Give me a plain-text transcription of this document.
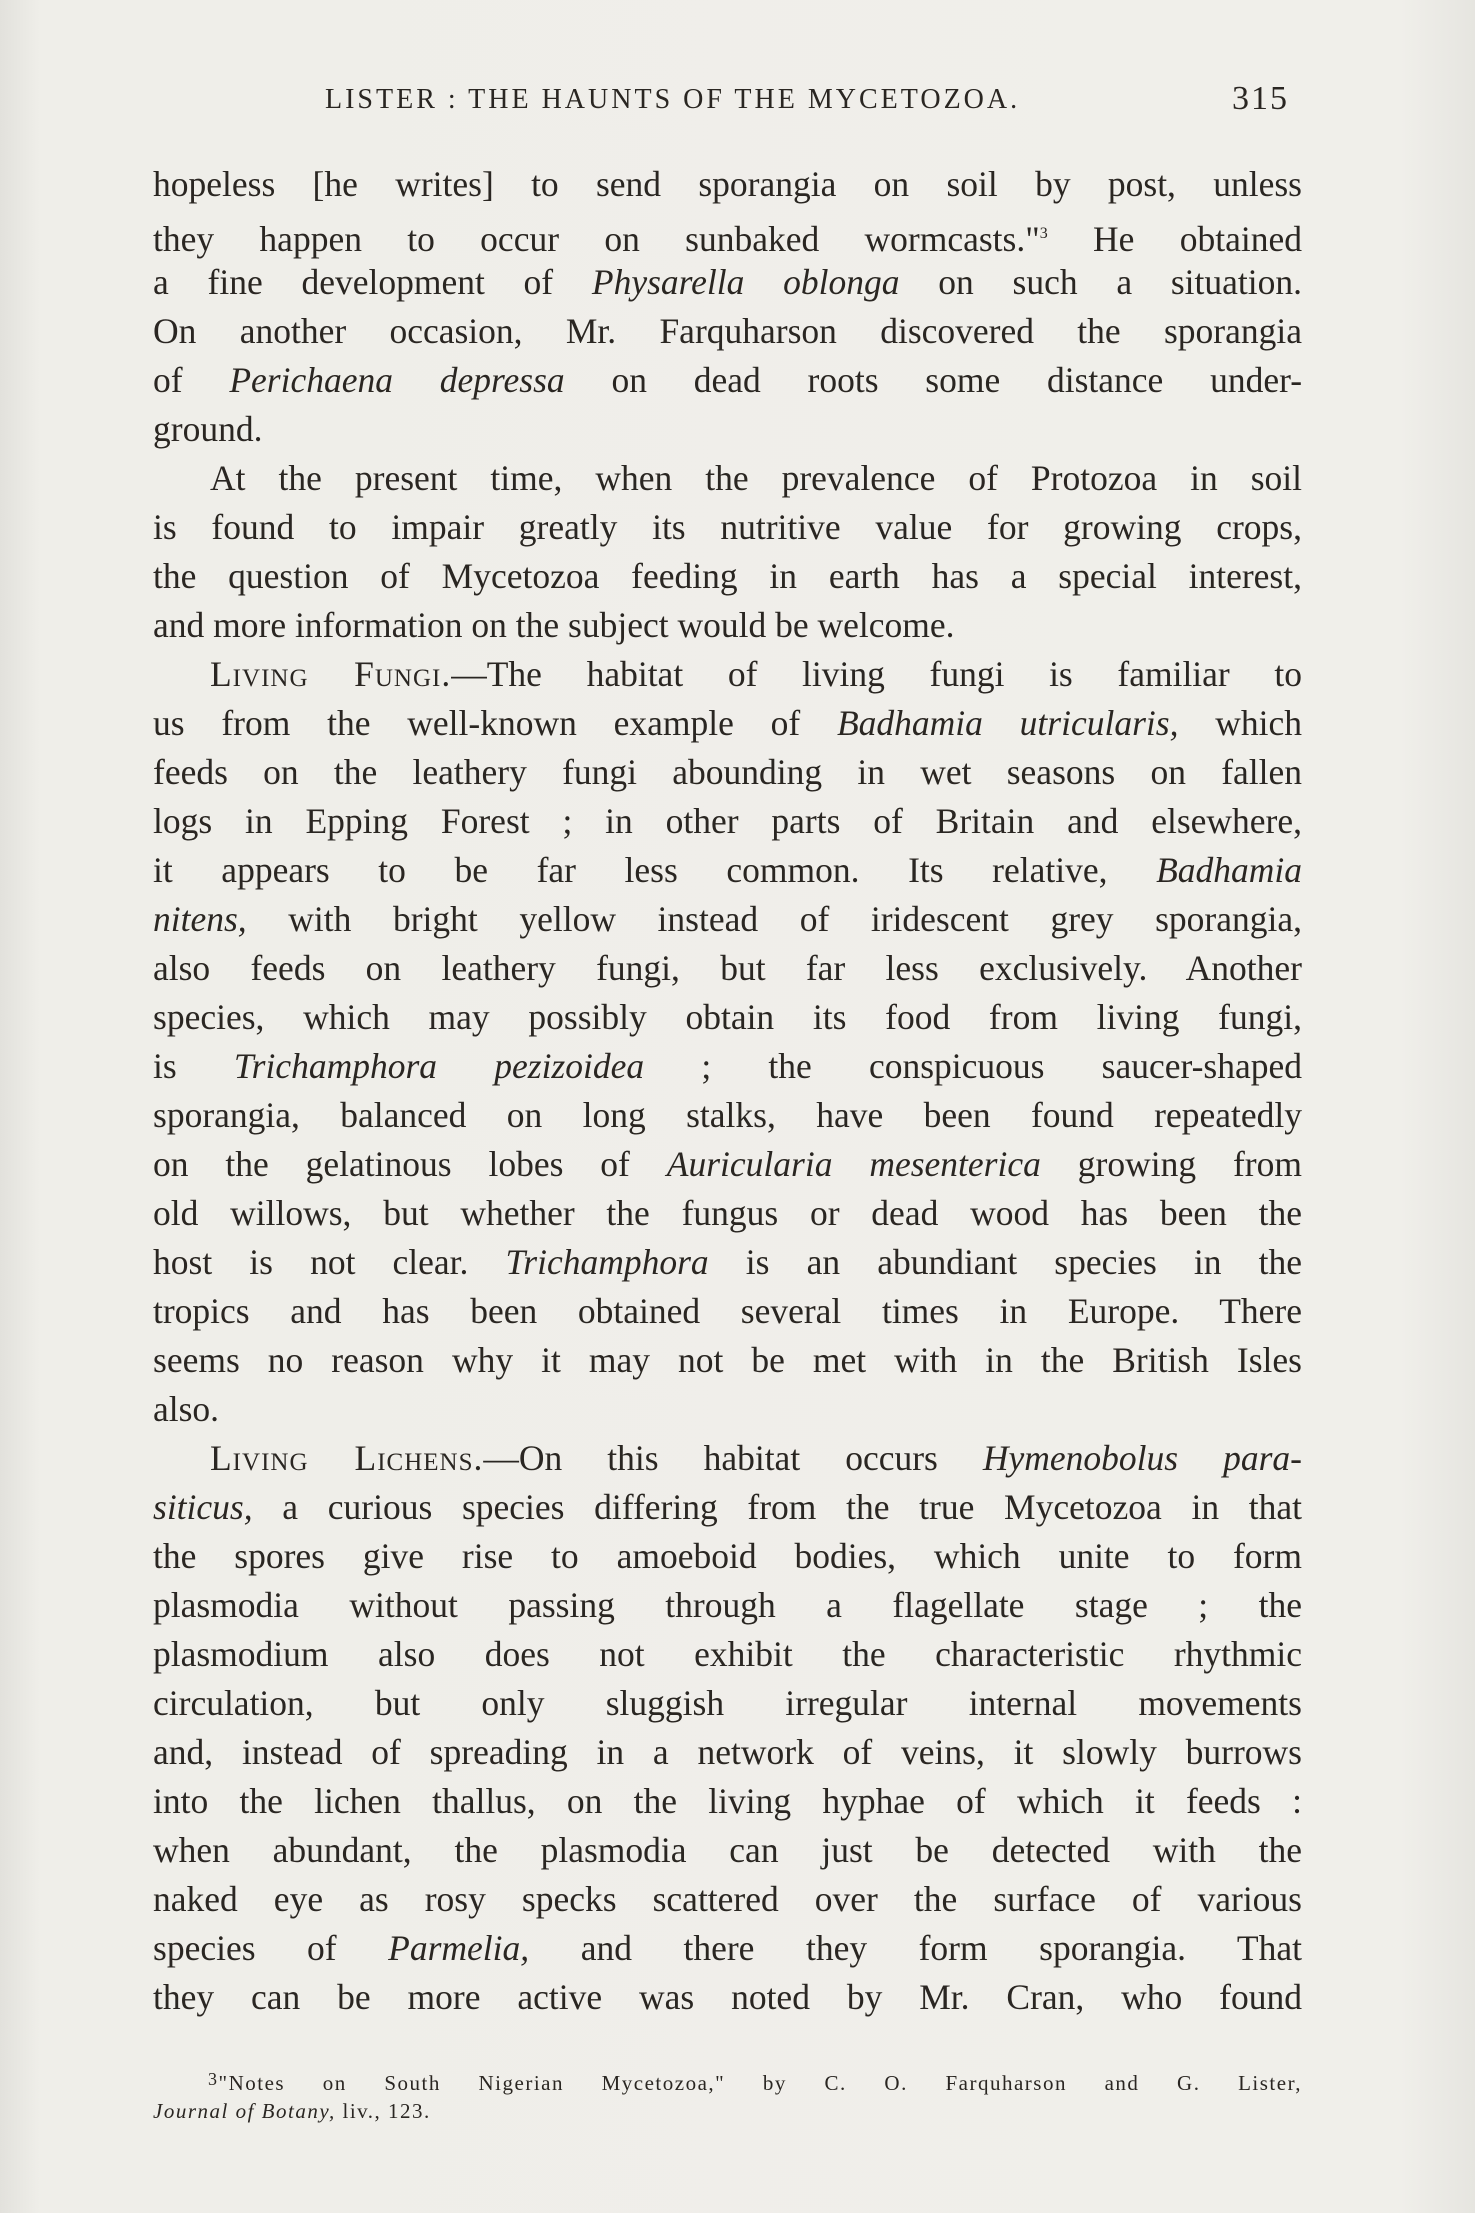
LISTER : THE HAUNTS OF THE MYCETOZOA.	315
hopeless [he writes] to send sporangia on soil by post, unless
they happen to occur on sunbaked wormcasts."$^3$ He obtained
a fine development of Physarella oblonga on such a situation.
On another occasion, Mr. Farquharson discovered the sporangia
of Perichaena depressa on dead roots some distance under-
ground.
At the present time, when the prevalence of Protozoa in soil
is found to impair greatly its nutritive value for growing crops,
the question of Mycetozoa feeding in earth has a special interest,
and more information on the subject would be welcome.
Living Fungi.—The habitat of living fungi is familiar to
us from the well-known example of Badhamia utricularis, which
feeds on the leathery fungi abounding in wet seasons on fallen
logs in Epping Forest ; in other parts of Britain and elsewhere,
it appears to be far less common. Its relative, Badhamia
nitens, with bright yellow instead of iridescent grey sporangia,
also feeds on leathery fungi, but far less exclusively. Another
species, which may possibly obtain its food from living fungi,
is Trichamphora pezizoidea ; the conspicuous saucer-shaped
sporangia, balanced on long stalks, have been found repeatedly
on the gelatinous lobes of Auricularia mesenterica growing from
old willows, but whether the fungus or dead wood has been the
host is not clear. Trichamphora is an abundiant species in the
tropics and has been obtained several times in Europe. There
seems no reason why it may not be met with in the British Isles
also.
Living Lichens.—On this habitat occurs Hymenobolus para-
siticus, a curious species differing from the true Mycetozoa in that
the spores give rise to amoeboid bodies, which unite to form
plasmodia without passing through a flagellate stage ; the
plasmodium also does not exhibit the characteristic rhythmic
circulation, but only sluggish irregular internal movements
and, instead of spreading in a network of veins, it slowly burrows
into the lichen thallus, on the living hyphae of which it feeds :
when abundant, the plasmodia can just be detected with the
naked eye as rosy specks scattered over the surface of various
species of Parmelia, and there they form sporangia. That
they can be more active was noted by Mr. Cran, who found
3"Notes on South Nigerian Mycetozoa," by C. O. Farquharson and G. Lister,
Journal of Botany, liv., 123.
